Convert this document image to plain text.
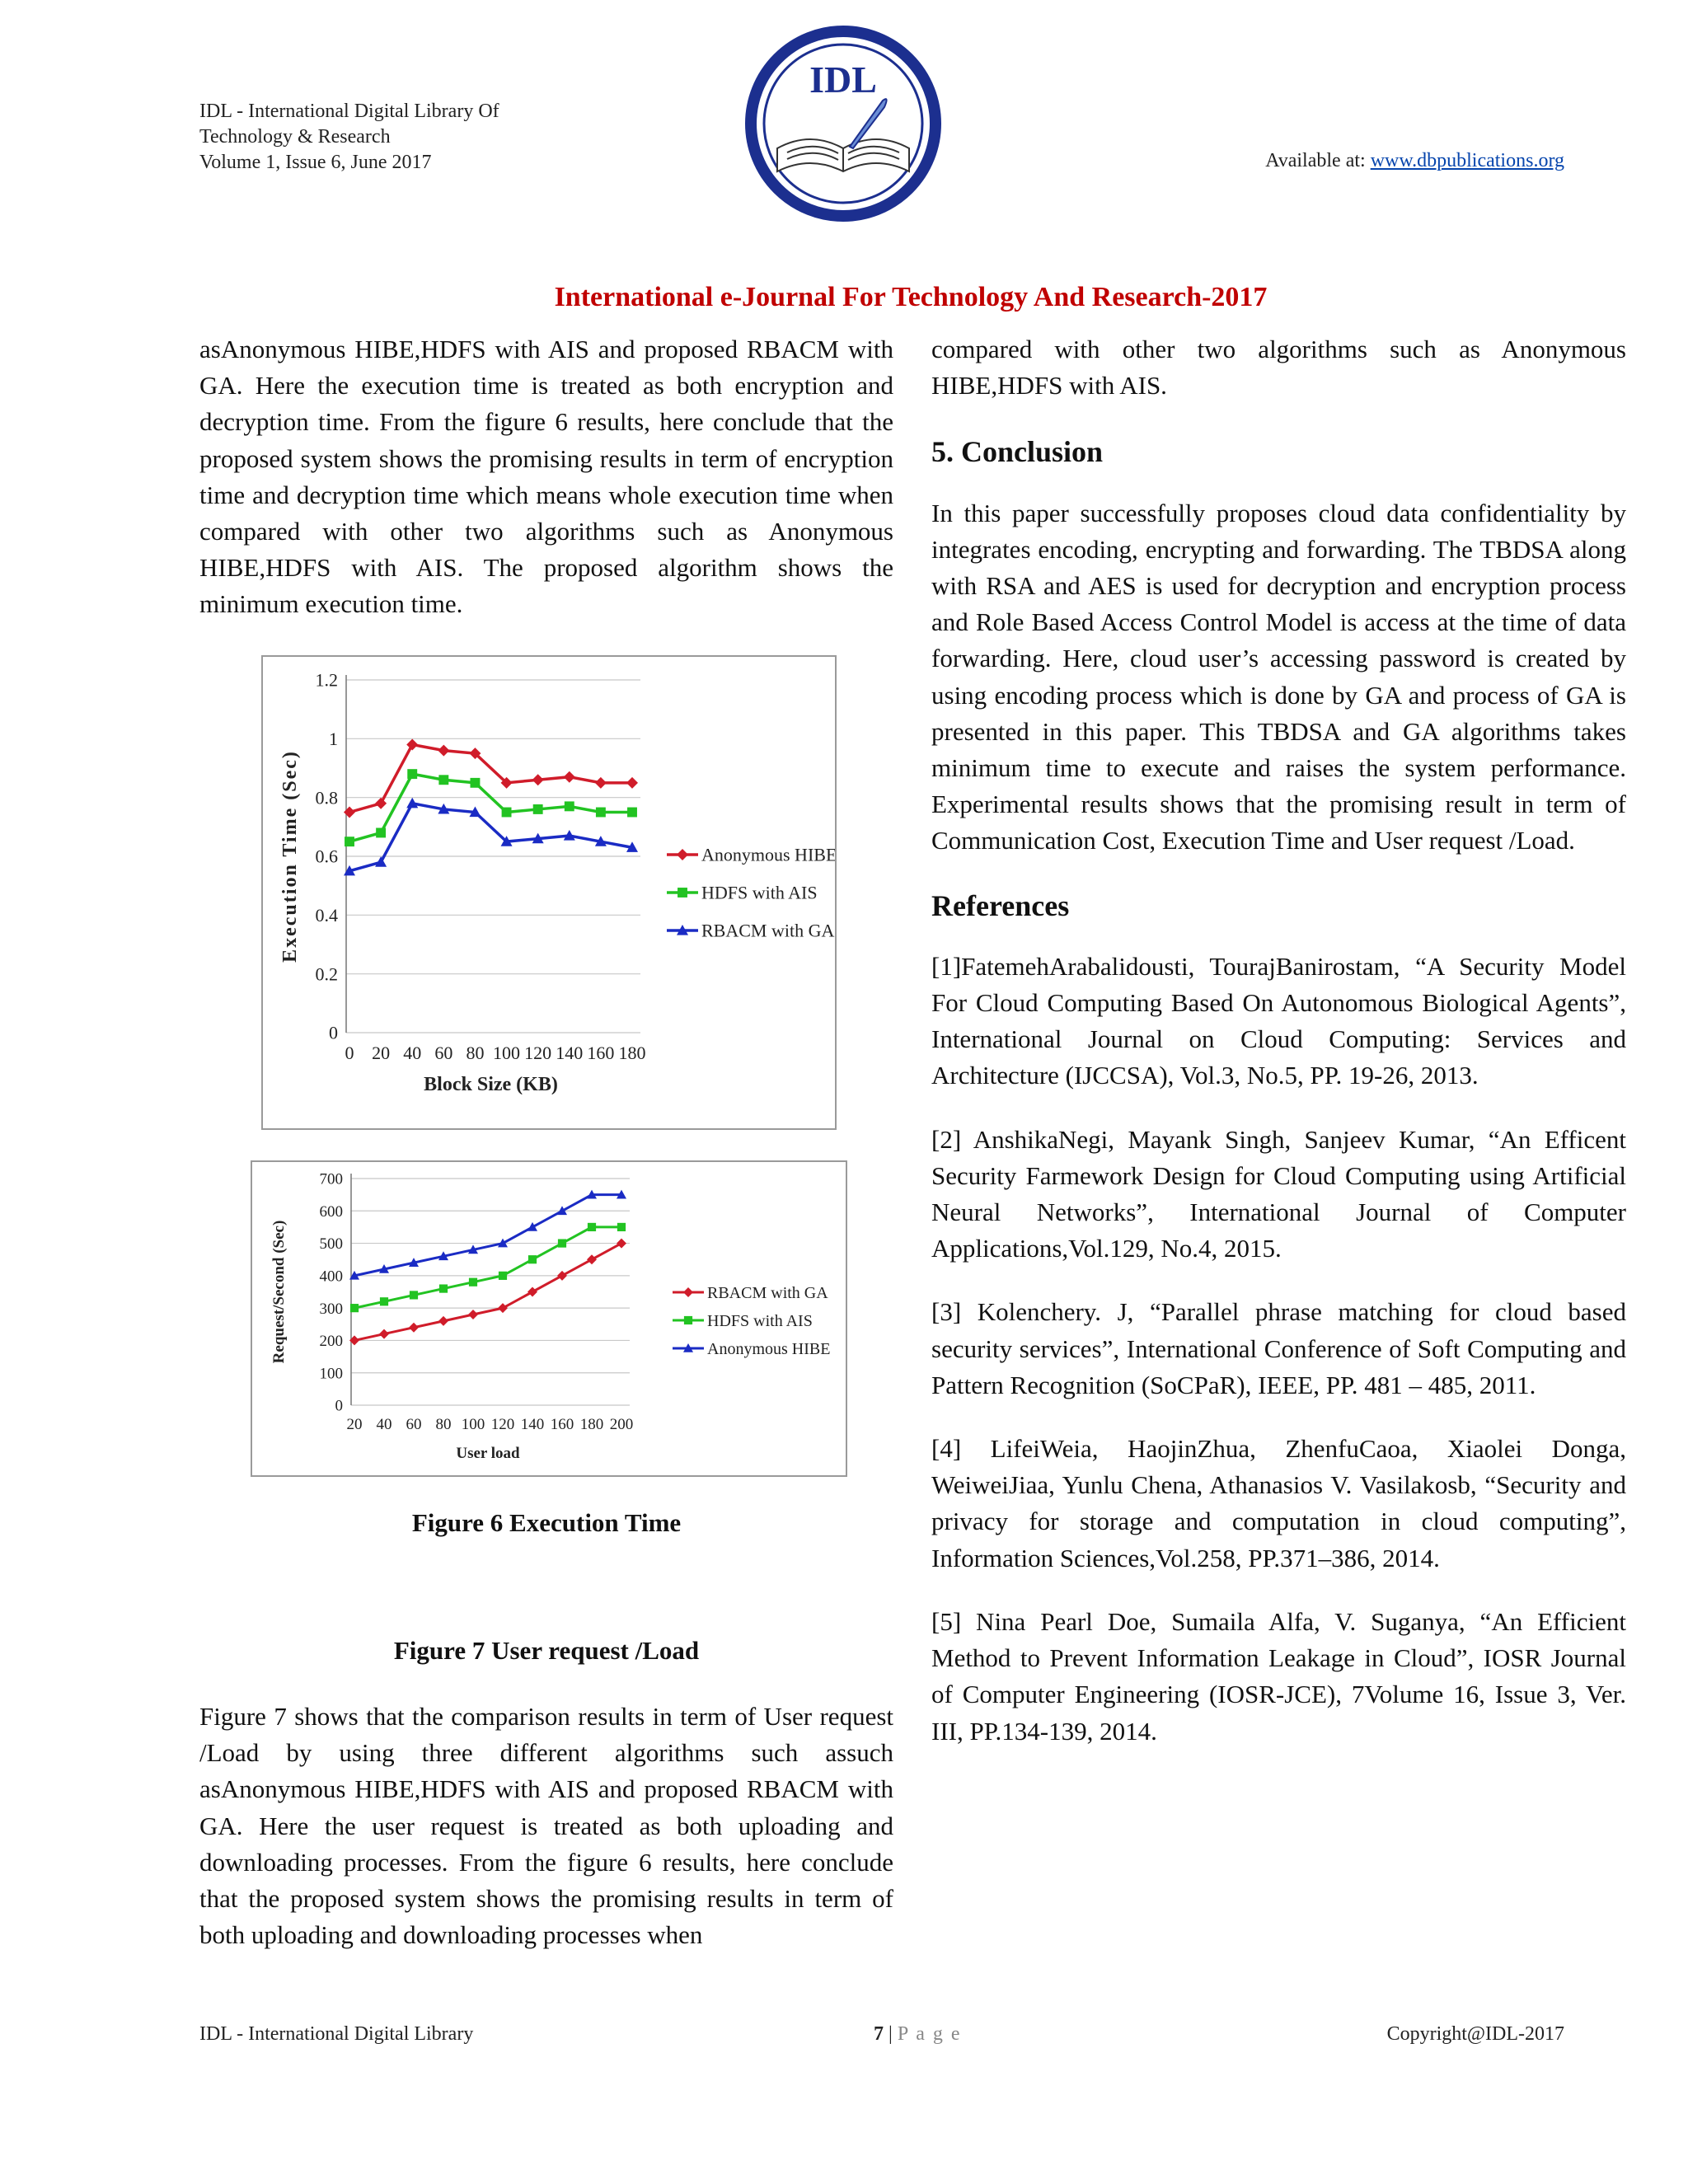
IDL - International Digital Library Of
Technology & Research
Volume 1, Issue 6, June 2017
IDL
Available at: www.dbpublications.org
International e-Journal For Technology And Research-2017

asAnonymous HIBE,HDFS with AIS and proposed RBACM with GA. Here the execution time is treated as both encryption and decryption time. From the figure 6 results, here conclude that the proposed system shows the promising results in term of encryption time and decryption time which means whole execution time when compared with other two algorithms such as Anonymous HIBE,HDFS with AIS. The proposed algorithm shows the minimum execution time.

0
0.2
0.4
0.6
0.8
1
1.2
0 20 40 60 80 100 120 140 160 180
Block Size (KB)
Execution Time (Sec)	Anonymous HIBE
HDFS with AIS
RBACM with GA
0
100
200
300
400
500
600
700
20 40 60 80 100 120 140 160 180 200
User load
Request/Second (Sec)	RBACM with GA
HDFS with AIS
Anonymous HIBE
Figure 6 Execution Time
Figure 7 User request /Load

Figure 7 shows that the comparison results in term of User request /Load by using three different algorithms such assuch asAnonymous HIBE,HDFS with AIS and proposed RBACM with GA. Here the user request is treated as both uploading and downloading processes. From the figure 6 results, here conclude that the proposed system shows the promising results in term of both uploading and downloading processes when

compared with other two algorithms such as Anonymous HIBE,HDFS with AIS.

5. Conclusion

In this paper successfully proposes cloud data confidentiality by integrates encoding, encrypting and forwarding. The TBDSA along with RSA and AES is used for decryption and encryption process and Role Based Access Control Model is access at the time of data forwarding. Here, cloud user’s accessing password is created by using encoding process which is done by GA and process of GA is presented in this paper. This TBDSA and GA algorithms takes minimum time to execute and raises the system performance. Experimental results shows that the promising result in term of Communication Cost, Execution Time and User request /Load.

References

[1]FatemehArabalidousti, TourajBanirostam, “A Security Model For Cloud Computing Based On Autonomous Biological Agents”, International Journal on Cloud Computing: Services and Architecture (IJCCSA), Vol.3, No.5, PP. 19-26, 2013.

[2] AnshikaNegi, Mayank Singh, Sanjeev Kumar, “An Efficent Security Farmework Design for Cloud Computing using Artificial Neural Networks”, International Journal of Computer Applications,Vol.129, No.4, 2015.

[3] Kolenchery. J, “Parallel phrase matching for cloud based security services”, International Conference of Soft Computing and Pattern Recognition (SoCPaR), IEEE, PP. 481 – 485, 2011.

[4] LifeiWeia, HaojinZhua, ZhenfuCaoa, Xiaolei Donga, WeiweiJiaa, Yunlu Chena, Athanasios V. Vasilakosb, “Security and privacy for storage and computation in cloud computing”, Information Sciences,Vol.258, PP.371–386, 2014.

[5] Nina Pearl Doe, Sumaila Alfa, V. Suganya, “An Efficient Method to Prevent Information Leakage in Cloud”, IOSR Journal of Computer Engineering (IOSR-JCE), 7Volume 16, Issue 3, Ver. III, PP.134-139, 2014.

IDL - International Digital Library	7 | P a g e	Copyright@IDL-2017
